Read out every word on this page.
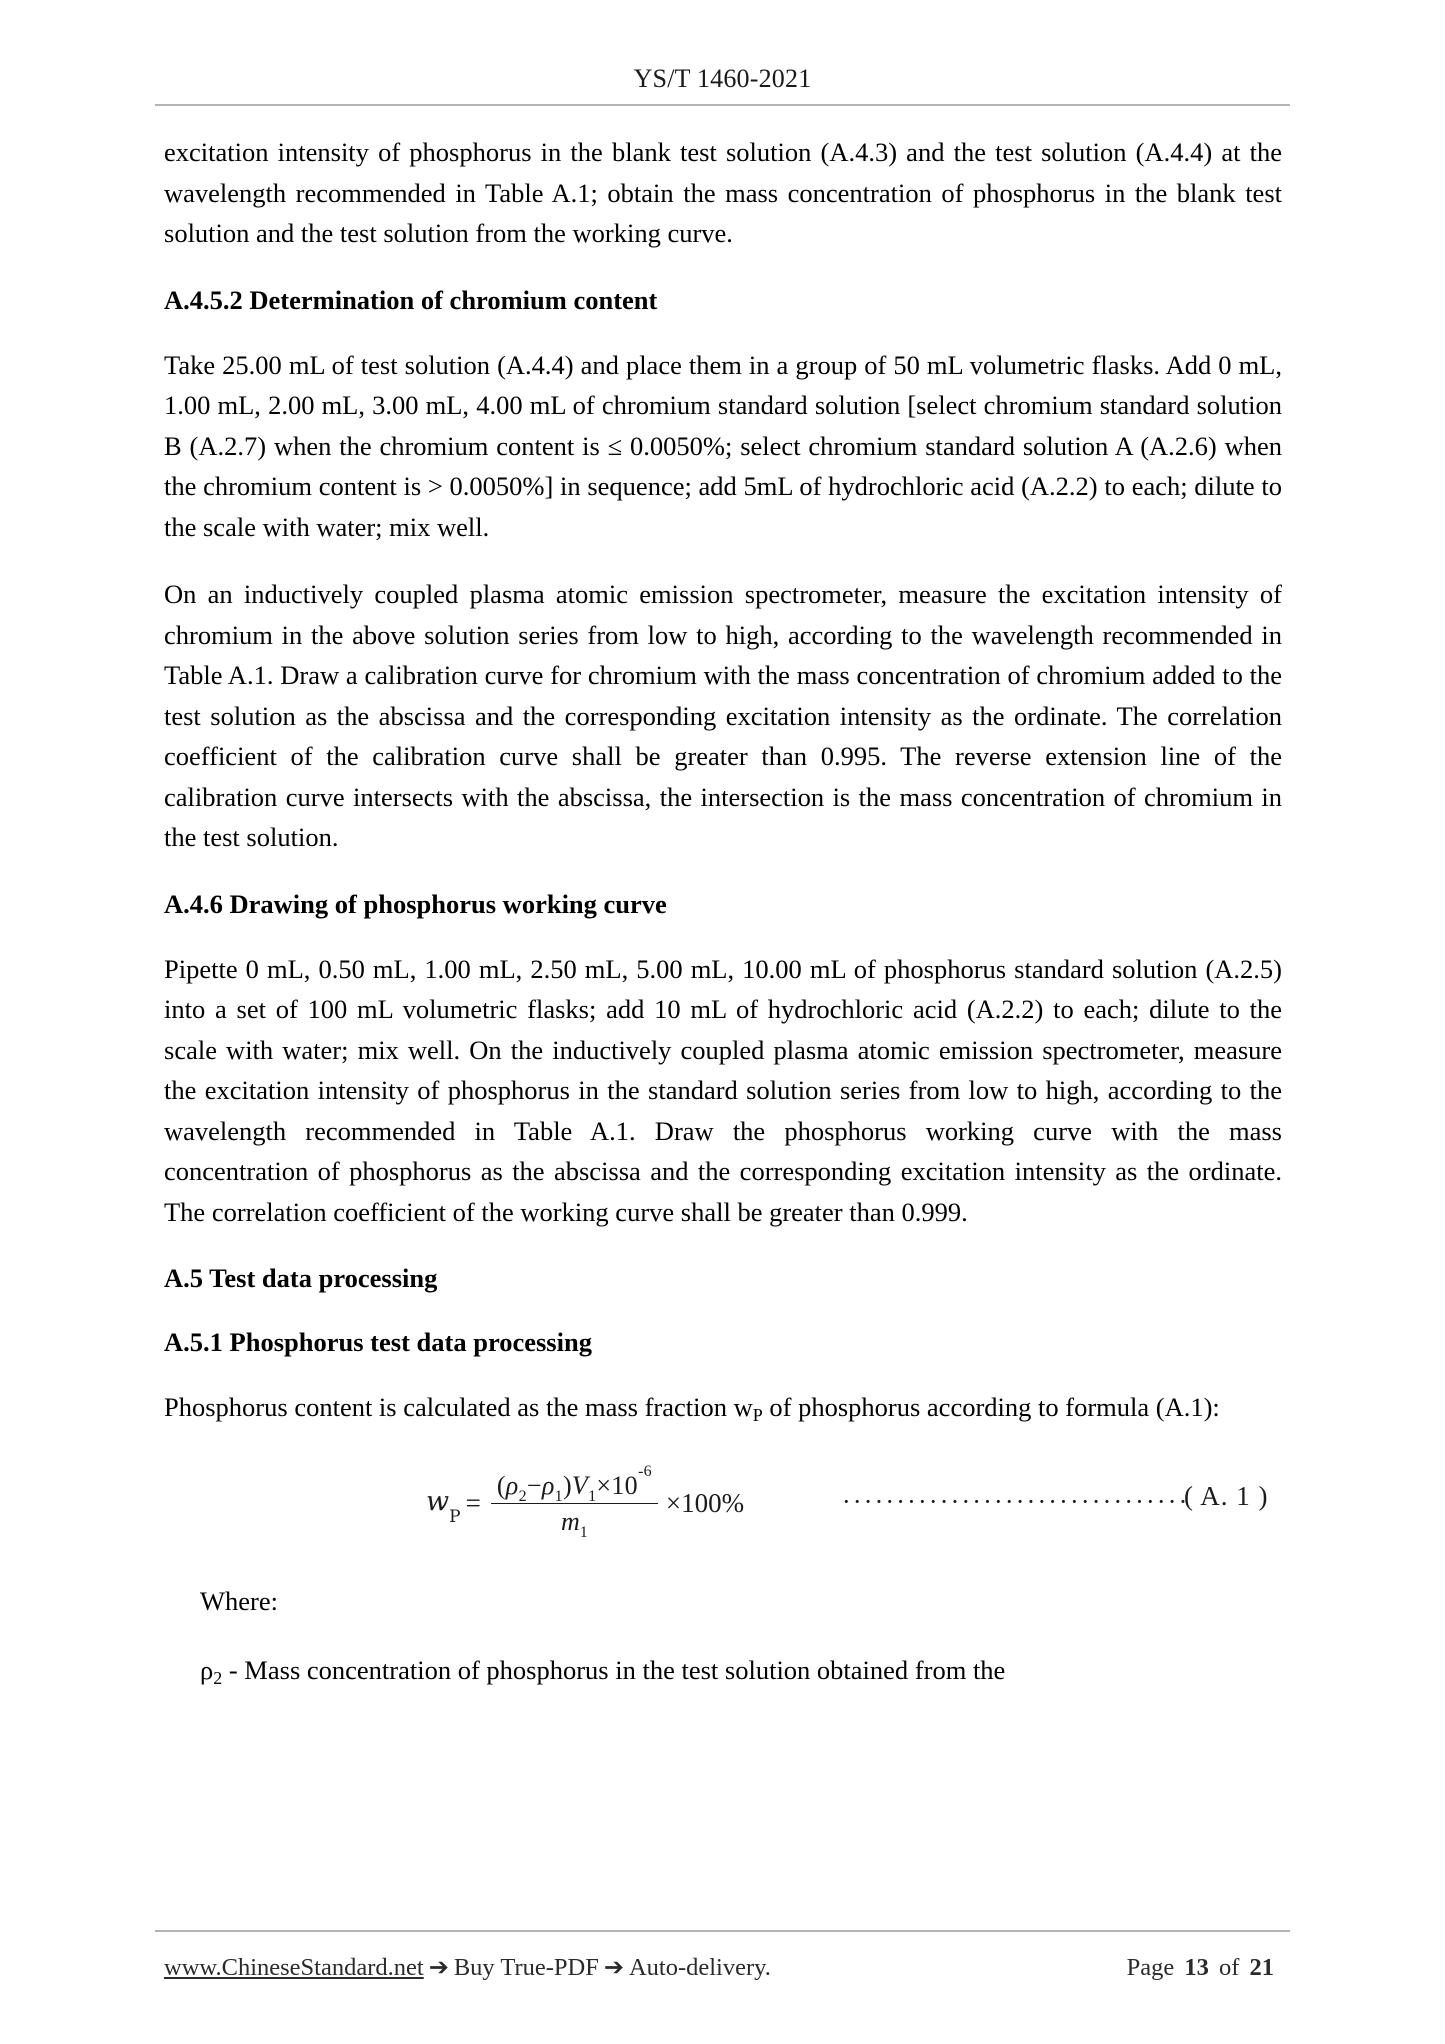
YS/T 1460-2021

excitation intensity of phosphorus in the blank test solution (A.4.3) and the test solution (A.4.4) at the wavelength recommended in Table A.1; obtain the mass concentration of phosphorus in the blank test solution and the test solution from the working curve.

A.4.5.2 Determination of chromium content

Take 25.00 mL of test solution (A.4.4) and place them in a group of 50 mL volumetric flasks. Add 0 mL, 1.00 mL, 2.00 mL, 3.00 mL, 4.00 mL of chromium standard solution [select chromium standard solution B (A.2.7) when the chromium content is ≤ 0.0050%; select chromium standard solution A (A.2.6) when the chromium content is > 0.0050%] in sequence; add 5mL of hydrochloric acid (A.2.2) to each; dilute to the scale with water; mix well.

On an inductively coupled plasma atomic emission spectrometer, measure the excitation intensity of chromium in the above solution series from low to high, according to the wavelength recommended in Table A.1. Draw a calibration curve for chromium with the mass concentration of chromium added to the test solution as the abscissa and the corresponding excitation intensity as the ordinate. The correlation coefficient of the calibration curve shall be greater than 0.995. The reverse extension line of the calibration curve intersects with the abscissa, the intersection is the mass concentration of chromium in the test solution.

A.4.6 Drawing of phosphorus working curve

Pipette 0 mL, 0.50 mL, 1.00 mL, 2.50 mL, 5.00 mL, 10.00 mL of phosphorus standard solution (A.2.5) into a set of 100 mL volumetric flasks; add 10 mL of hydrochloric acid (A.2.2) to each; dilute to the scale with water; mix well. On the inductively coupled plasma atomic emission spectrometer, measure the excitation intensity of phosphorus in the standard solution series from low to high, according to the wavelength recommended in Table A.1. Draw the phosphorus working curve with the mass concentration of phosphorus as the abscissa and the corresponding excitation intensity as the ordinate. The correlation coefficient of the working curve shall be greater than 0.999.

A.5 Test data processing
A.5.1 Phosphorus test data processing

Phosphorus content is calculated as the mass fraction wP of phosphorus according to formula (A.1):

$w_P = \frac{(\rho_2-\rho_1)V_1\times 10^{-6}}{m_1} \times 100\%$	································
( A. 1 )

Where:

ρ2 - Mass concentration of phosphorus in the test solution obtained from the

www.ChineseStandard.net ➔ Buy True-PDF ➔ Auto-delivery.	Page 13 of 21
